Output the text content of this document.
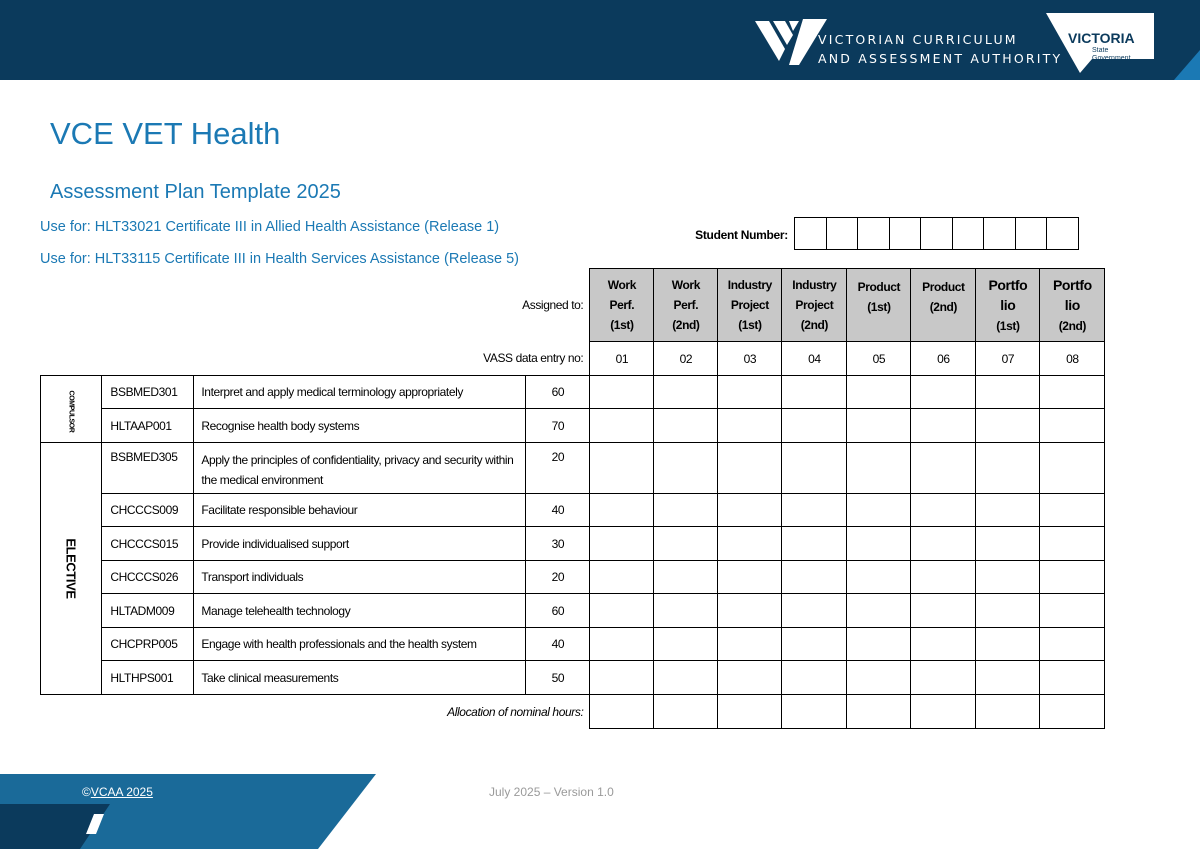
VICTORIAN CURRICULUM
AND ASSESSMENT AUTHORITY
VICTORIA
State
Government
VCE VET Health
Assessment Plan Template 2025
Use for: HLT33021 Certificate III in Allied Health Assistance (Release 1)
Use for: HLT33115 Certificate III in Health Services Assistance (Release 5)
Student Number:
Assigned to:				Work
Perf.
(1st)	Work
Perf.
(2nd)	Industry
Project
(1st)	Industry
Project
(2nd)	Product
(1st)	Product
(2nd)	Portfo
lio
(1st)	Portfo
lio
(2nd)
VASS data entry no:				01	02	03	04	05	06	07	08
COMPULSOR	BSBMED301	Interpret and apply medical terminology appropriately	60								
	HLTAAP001	Recognise health body systems	70								
ELECTIVE	BSBMED305	Apply the principles of confidentiality, privacy and security within the medical environment	20								
	CHCCCS009	Facilitate responsible behaviour	40								
	CHCCCS015	Provide individualised support	30								
	CHCCCS026	Transport individuals	20								
	HLTADM009	Manage telehealth technology	60								
	CHCPRP005	Engage with health professionals and the health system	40								
	HLTHPS001	Take clinical measurements	50								
Allocation of nominal hours:											
©VCAA 2025	July 2025 – Version 1.0
